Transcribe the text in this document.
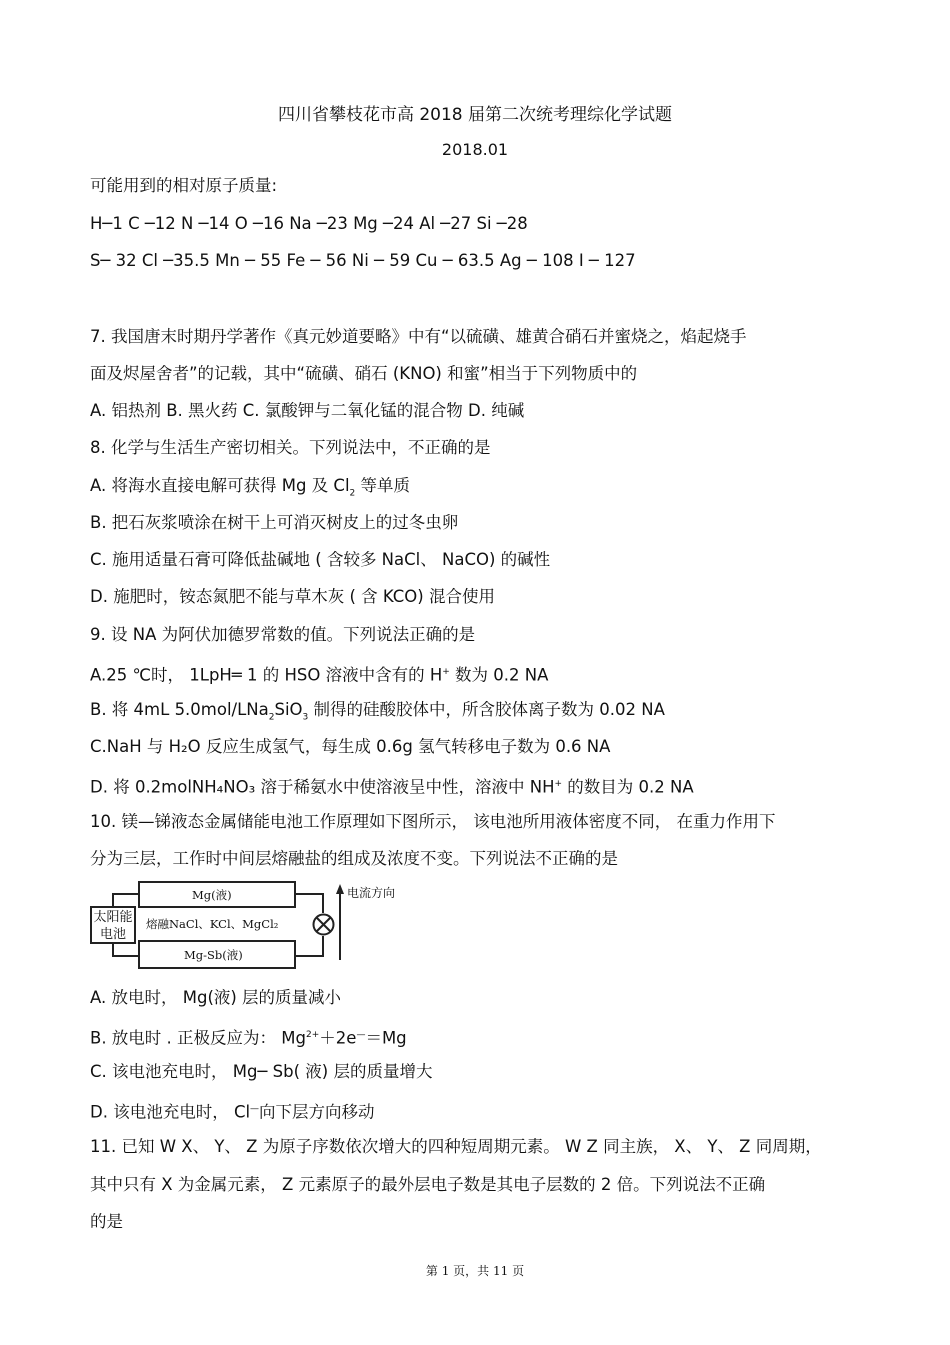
四川省攀枝花市高 2018 届第二次统考理综化学试题
2018.01
可能用到的相对原子质量:
H─1 C ─12 N ─14 O ─16 Na ─23 Mg ─24 Al ─27 Si ─28
S─ 32 Cl ─35.5 Mn ─ 55 Fe ─ 56 Ni ─ 59 Cu ─ 63.5 Ag ─ 108 I ─ 127
7. 我国唐末时期丹学著作《真元妙道要略》中有“以硫磺、雄黄合硝石并蜜烧之，焰起烧手
面及烬屋舍者”的记载，其中“硫磺、硝石 (KNO) 和蜜”相当于下列物质中的
A. 铝热剂 B. 黑火药 C. 氯酸钾与二氧化锰的混合物 D. 纯碱
8. 化学与生活生产密切相关。下列说法中，不正确的是
A. 将海水直接电解可获得 Mg 及 $Cl_2$ 等单质
B. 把石灰浆喷涂在树干上可消灭树皮上的过冬虫卵
C. 施用适量石膏可降低盐碱地 ( 含较多 NaCl、 NaCO) 的碱性
D. 施肥时，铵态氮肥不能与草木灰 ( 含 KCO) 混合使用
9. 设 NA 为阿伏加德罗常数的值。下列说法正确的是
A.25 ℃时， 1LpH═ 1 的 HSO 溶液中含有的 H+ 数为 0.2 NA
B. 将 4mL 5.0mol/LNa$_2$SiO$_3$ 制得的硅酸胶体中，所含胶体离子数为 0.02 NA
C.NaH 与 H₂O 反应生成氢气，每生成 0.6g 氢气转移电子数为 0.6 NA
D. 将 0.2molNH₄NO₃ 溶于稀氨水中使溶液呈中性，溶液中 NH+ 的数目为 0.2 NA
10. 镁—锑液态金属储能电池工作原理如下图所示， 该电池所用液体密度不同， 在重力作用下
分为三层，工作时中间层熔融盐的组成及浓度不变。下列说法不正确的是
太阳能
电池
Mg(液)
熔融NaCl、KCl、MgCl₂
Mg-Sb(液)
电流方向
A. 放电时， Mg(液) 层的质量减小
B. 放电时 . 正极反应为： $Mg^{2+}+2e^—=Mg$
C. 该电池充电时， Mg─ Sb( 液) 层的质量增大
D. 该电池充电时， Cl—向下层方向移动
11. 已知 W X、 Y、 Z 为原子序数依次增大的四种短周期元素。 W Z 同主族， X、 Y、 Z 同周期，
其中只有 X 为金属元素， Z 元素原子的最外层电子数是其电子层数的 2 倍。下列说法不正确
的是
第 1 页，共 11 页
